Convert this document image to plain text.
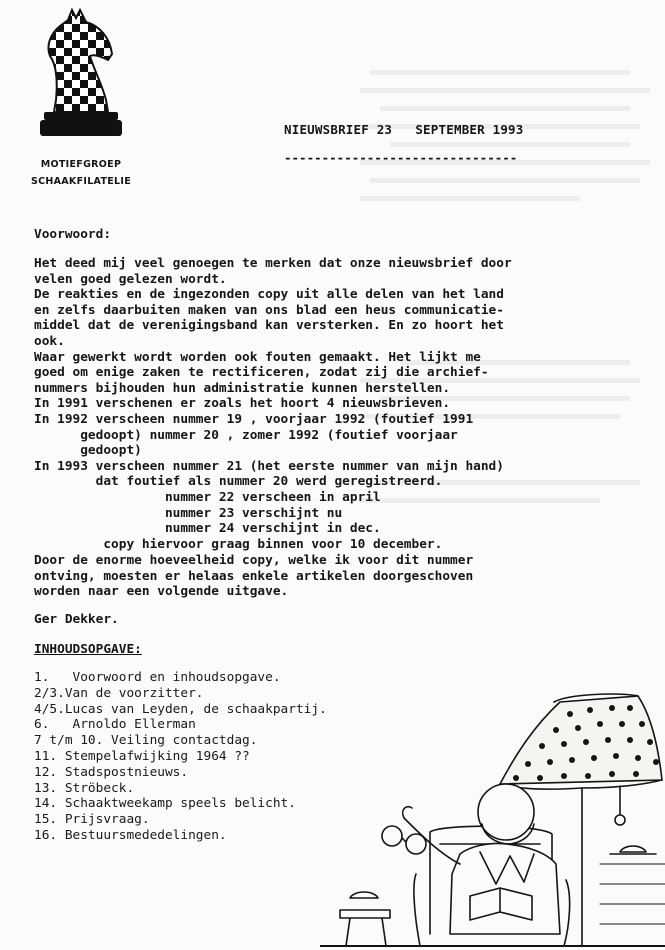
MOTIEFGROEP
SCHAAKFILATELIE
NIEUWSBRIEF 23   SEPTEMBER 1993
-------------------------------
Voorwoord:
Het deed mij veel genoegen te merken dat onze nieuwsbrief door
velen goed gelezen wordt.
De reakties en de ingezonden copy uit alle delen van het land
en zelfs daarbuiten maken van ons blad een heus communicatie-
middel dat de verenigingsband kan versterken. En zo hoort het
ook.
Waar gewerkt wordt worden ook fouten gemaakt. Het lijkt me
goed om enige zaken te rectificeren, zodat zij die archief-
nummers bijhouden hun administratie kunnen herstellen.
In 1991 verschenen er zoals het hoort 4 nieuwsbrieven.
In 1992 verscheen nummer 19 , voorjaar 1992 (foutief 1991
gedoopt) nummer 20 , zomer 1992 (foutief voorjaar
gedoopt)
In 1993 verscheen nummer 21 (het eerste nummer van mijn hand)
dat foutief als nummer 20 werd geregistreerd.
nummer 22 verscheen in april
nummer 23 verschijnt nu
nummer 24 verschijnt in dec.
copy hiervoor graag binnen voor 10 december.
Door de enorme hoeveelheid copy, welke ik voor dit nummer
ontving, moesten er helaas enkele artikelen doorgeschoven
worden naar een volgende uitgave.
Ger Dekker.
INHOUDSOPGAVE:
1.   Voorwoord en inhoudsopgave.
2/3.Van de voorzitter.
4/5.Lucas van Leyden, de schaakpartij.
6.   Arnoldo Ellerman
7 t/m 10. Veiling contactdag.
11. Stempelafwijking 1964 ??
12. Stadspostnieuws.
13. Ströbeck.
14. Schaaktweekamp speels belicht.
15. Prijsvraag.
16. Bestuursmededelingen.
